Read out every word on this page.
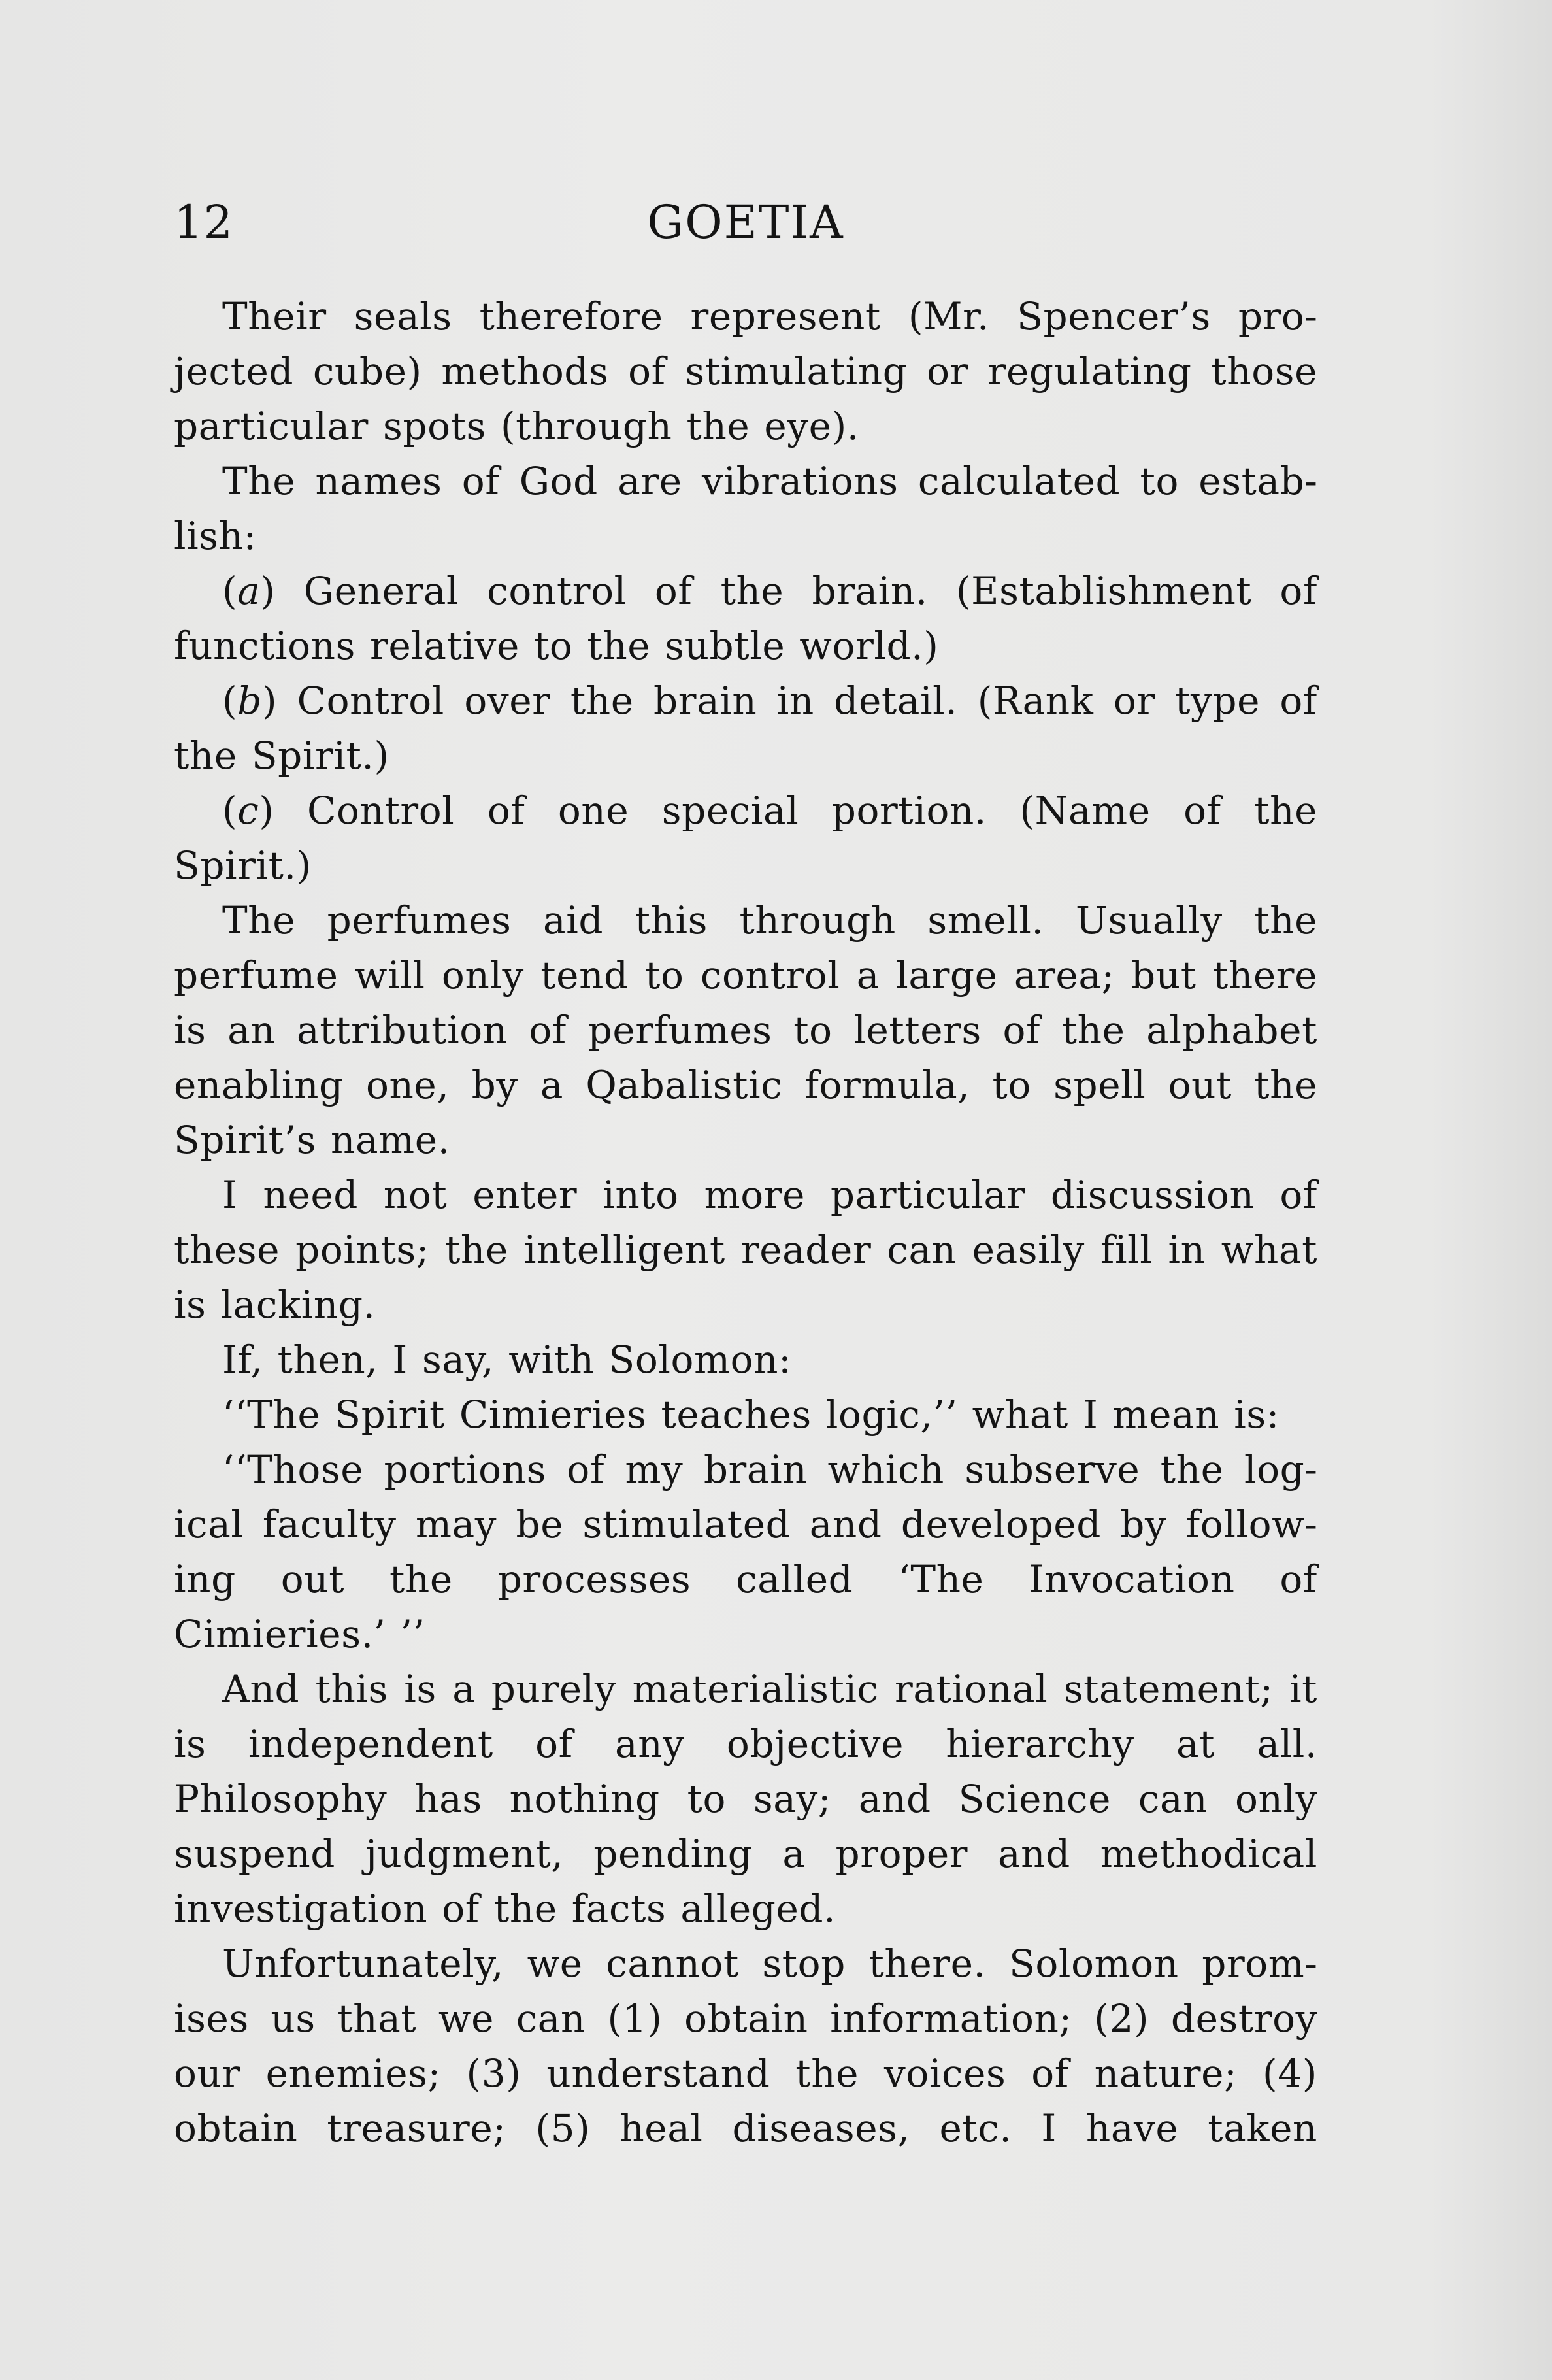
12	GOETIA

Their seals therefore represent (Mr. Spencer’s projected cube) methods of stimulating or regulating those particular spots (through the eye).

The names of God are vibrations calculated to establish:

(a) General control of the brain. (Establishment of functions relative to the subtle world.)

(b) Control over the brain in detail. (Rank or type of the Spirit.)

(c) Control of one special portion. (Name of the Spirit.)

The perfumes aid this through smell. Usually the perfume will only tend to control a large area; but there is an attribution of perfumes to letters of the alphabet enabling one, by a Qabalistic formula, to spell out the Spirit’s name.

I need not enter into more particular discussion of these points; the intelligent reader can easily fill in what is lacking.

If, then, I say, with Solomon:

‘‘The Spirit Cimieries teaches logic,’’ what I mean is:

‘‘Those portions of my brain which subserve the logical faculty may be stimulated and developed by following out the processes called ‘The Invocation of Cimieries.’ ’’

And this is a purely materialistic rational statement; it is independent of any objective hierarchy at all. Philosophy has nothing to say; and Science can only suspend judgment, pending a proper and methodical investigation of the facts alleged.

Unfortunately, we cannot stop there. Solomon promises us that we can (1) obtain information; (2) destroy our enemies; (3) understand the voices of nature; (4) obtain treasure; (5) heal diseases, etc. I have taken
